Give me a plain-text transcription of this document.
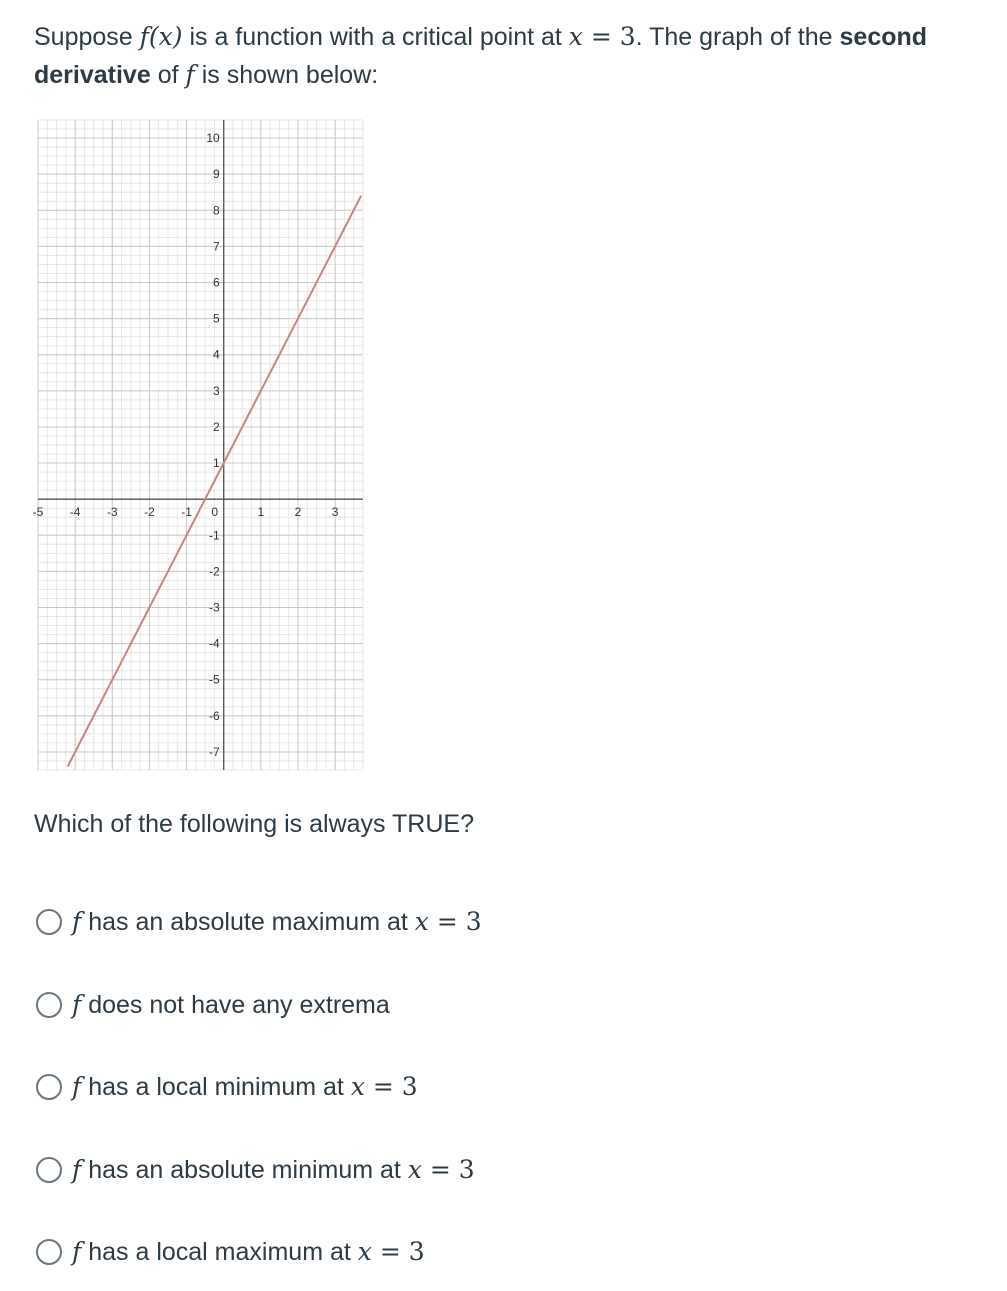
Suppose f(x) is a function with a critical point at x = 3. The graph of the second derivative of f is shown below:

-5 -4 -3 -2 -1 0	1	2	3
10
9
8
7
6
5
4
3
2
1
-1
-2
-3
-4
-5
-6
-7

Which of the following is always TRUE?

f has an absolute maximum at x = 3
f does not have any extrema
f has a local minimum at x = 3
f has an absolute minimum at x = 3
f has a local maximum at x = 3
